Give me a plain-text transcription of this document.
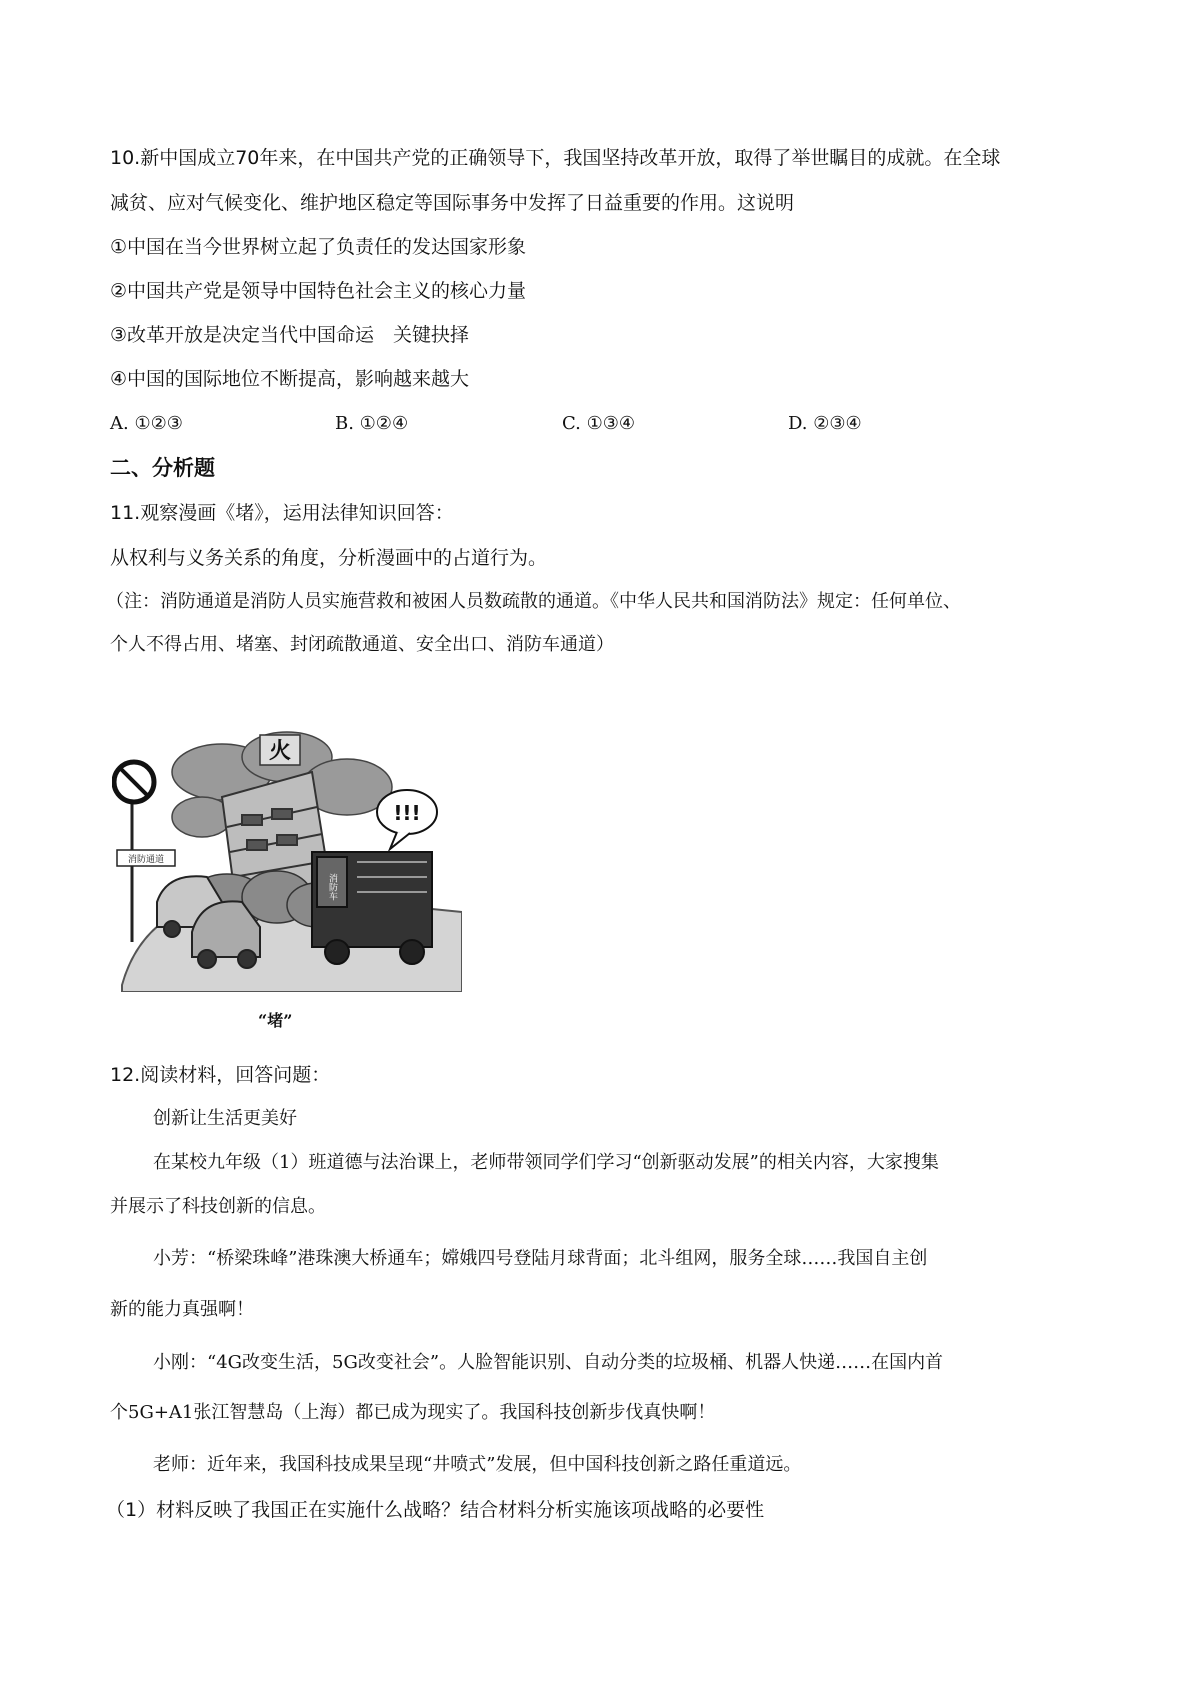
10.新中国成立70年来，在中国共产党的正确领导下，我国坚持改革开放，取得了举世瞩目的成就。在全球
减贫、应对气候变化、维护地区稳定等国际事务中发挥了日益重要的作用。这说明
①中国在当今世界树立起了负责任的发达国家形象
②中国共产党是领导中国特色社会主义的核心力量
③改革开放是决定当代中国命运　关键抉择
④中国的国际地位不断提高，影响越来越大
A. ①②③	B. ①②④	C. ①③④	D. ②③④
二、分析题
11.观察漫画《堵》，运用法律知识回答：
从权利与义务关系的角度，分析漫画中的占道行为。
（注：消防通道是消防人员实施营救和被困人员数疏散的通道。《中华人民共和国消防法》规定：任何单位、
个人不得占用、堵塞、封闭疏散通道、安全出口、消防车通道）
火
消防通道
消防车
!!!
“堵”
12.阅读材料，回答问题：
创新让生活更美好
在某校九年级（1）班道德与法治课上，老师带领同学们学习“创新驱动发展”的相关内容，大家搜集
并展示了科技创新的信息。
小芳：“桥梁珠峰”港珠澳大桥通车；嫦娥四号登陆月球背面；北斗组网，服务全球……我国自主创
新的能力真强啊！
小刚：“4G改变生活，5G改变社会”。人脸智能识别、自动分类的垃圾桶、机器人快递……在国内首
个5G+A1张江智慧岛（上海）都已成为现实了。我国科技创新步伐真快啊！
老师：近年来，我国科技成果呈现“井喷式”发展，但中国科技创新之路任重道远。
（1）材料反映了我国正在实施什么战略？结合材料分析实施该项战略的必要性
